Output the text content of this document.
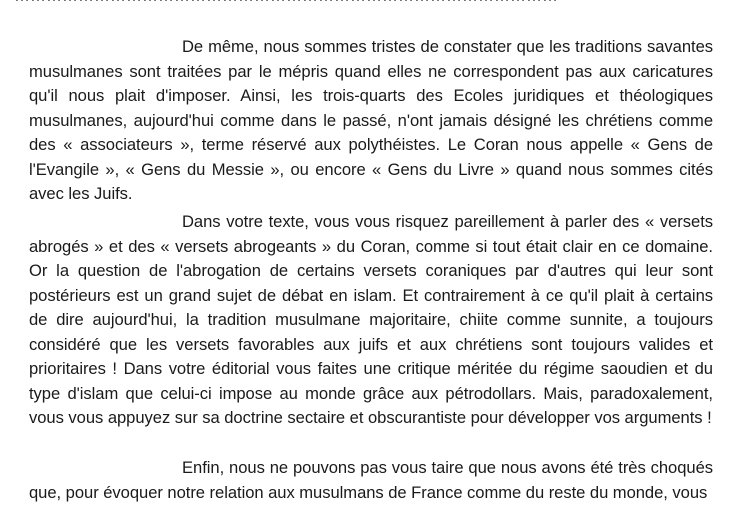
De même, nous sommes tristes de constater que les traditions savantes musulmanes sont traitées par le mépris quand elles ne correspondent pas aux caricatures qu'il nous plait d'imposer. Ainsi, les trois-quarts des Ecoles juridiques et théologiques musulmanes, aujourd'hui comme dans le passé, n'ont jamais désigné les chrétiens comme des « associateurs », terme réservé aux polythéistes. Le Coran nous appelle « Gens de l'Evangile », « Gens du Messie », ou encore « Gens du Livre » quand nous sommes cités avec les Juifs.

Dans votre texte, vous vous risquez pareillement à parler des « versets abrogés » et des « versets abrogeants » du Coran, comme si tout était clair en ce domaine. Or la question de l'abrogation de certains versets coraniques par d'autres qui leur sont postérieurs est un grand sujet de débat en islam. Et contrairement à ce qu'il plait à certains de dire aujourd'hui, la tradition musulmane majoritaire, chiite comme sunnite, a toujours considéré que les versets favorables aux juifs et aux chrétiens sont toujours valides et prioritaires ! Dans votre éditorial vous faites une critique méritée du régime saoudien et du type d'islam que celui-ci impose au monde grâce aux pétrodollars. Mais, paradoxalement, vous vous appuyez sur sa doctrine sectaire et obscurantiste pour développer vos arguments !

Enfin, nous ne pouvons pas vous taire que nous avons été très choqués que, pour évoquer notre relation aux musulmans de France comme du reste du monde, vous
